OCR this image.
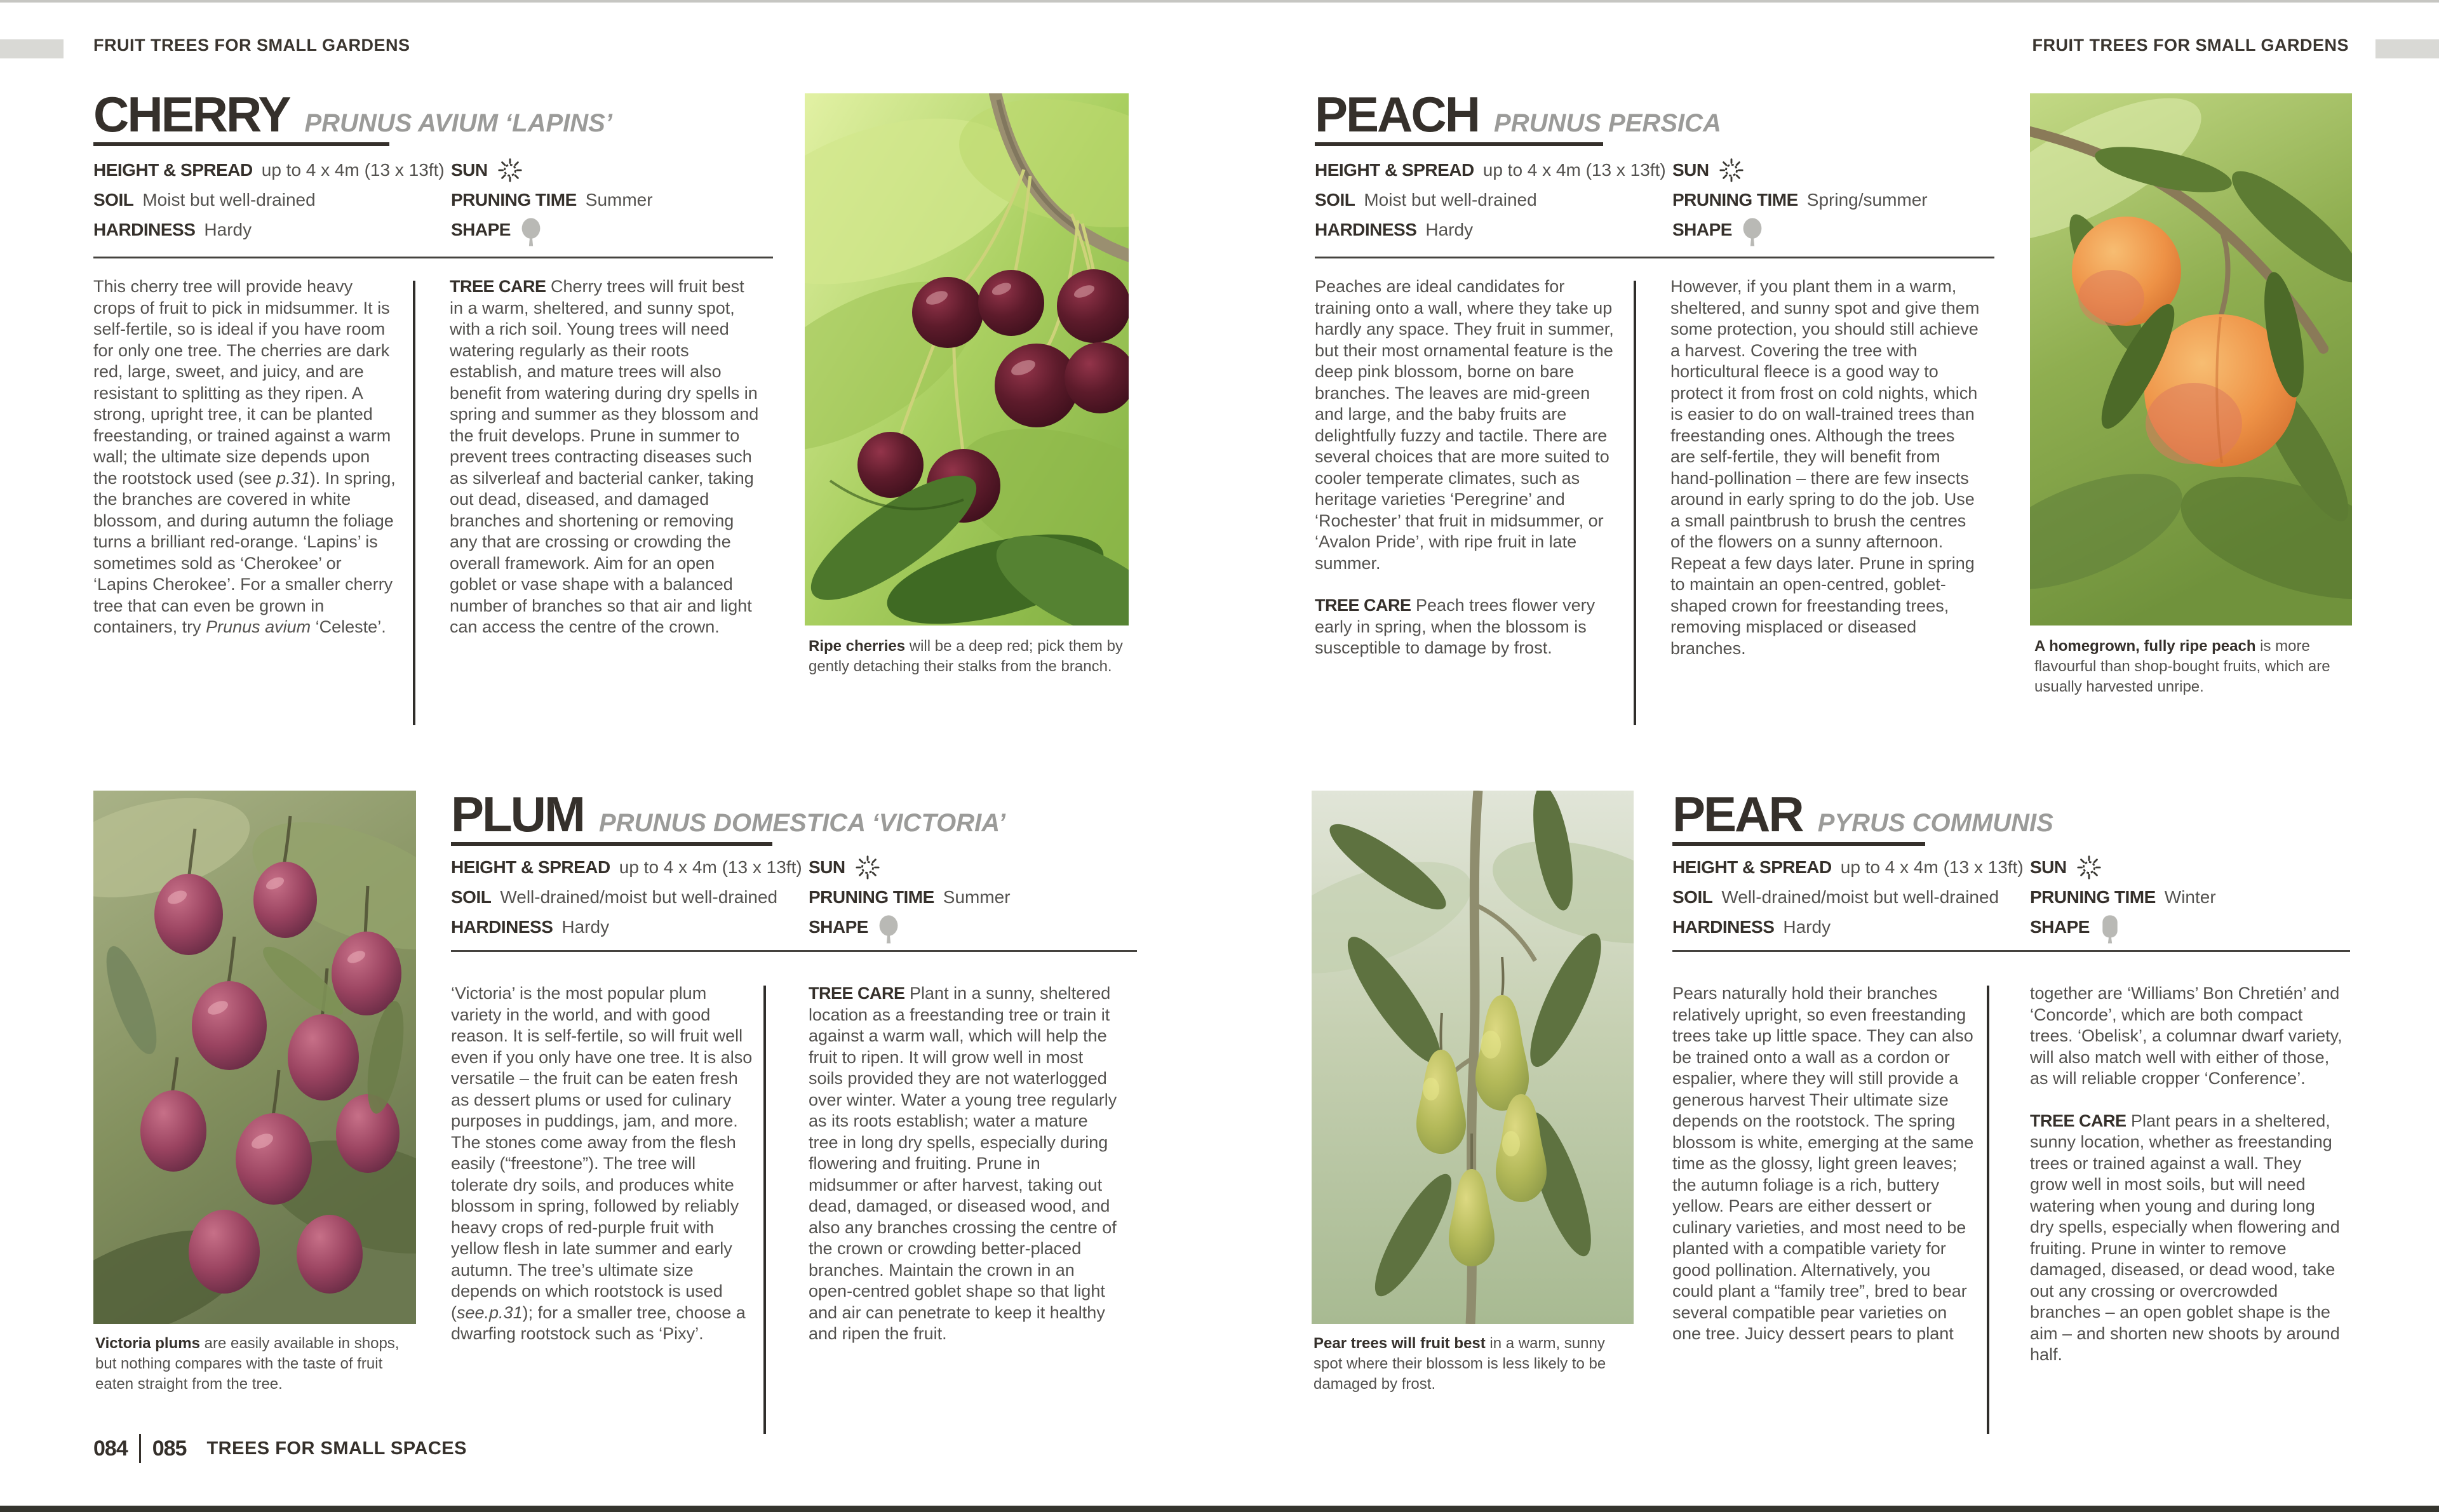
FRUIT TREES FOR SMALL GARDENS	FRUIT TREES FOR SMALL GARDENS
CHERRY PRUNUS AVIUM ‘LAPINS’
HEIGHT & SPREAD up to 4 x 4m (13 x 13ft)
SOIL Moist but well-drained
HARDINESS Hardy
SUN
PRUNING TIME Summer
SHAPE
This cherry tree will provide heavy crops of fruit to pick in midsummer. It is self-fertile, so is ideal if you have room for only one tree. The cherries are dark red, large, sweet, and juicy, and are resistant to splitting as they ripen. A strong, upright tree, it can be planted freestanding, or trained against a warm wall; the ultimate size depends upon the rootstock used (see p.31). In spring, the branches are covered in white blossom, and during autumn the foliage turns a brilliant red-orange. ‘Lapins’ is sometimes sold as ‘Cherokee’ or ‘Lapins Cherokee’. For a smaller cherry tree that can even be grown in containers, try Prunus avium ‘Celeste’.

TREE CARE Cherry trees will fruit best in a warm, sheltered, and sunny spot, with a rich soil. Young trees will need watering regularly as their roots establish, and mature trees will also benefit from watering during dry spells in spring and summer as they blossom and the fruit develops. Prune in summer to prevent trees contracting diseases such as silverleaf and bacterial canker, taking out dead, diseased, and damaged branches and shortening or removing any that are crossing or crowding the overall framework. Aim for an open goblet or vase shape with a balanced number of branches so that air and light can access the centre of the crown.

Ripe cherries will be a deep red; pick them by gently detaching their stalks from the branch.
PEACH PRUNUS PERSICA
HEIGHT & SPREAD up to 4 x 4m (13 x 13ft)
SOIL Moist but well-drained
HARDINESS Hardy
SUN
PRUNING TIME Spring/summer
SHAPE

Peaches are ideal candidates for training onto a wall, where they take up hardly any space. They fruit in summer, but their most ornamental feature is the deep pink blossom, borne on bare branches. The leaves are mid-green and large, and the baby fruits are delightfully fuzzy and tactile. There are several choices that are more suited to cooler temperate climates, such as heritage varieties ‘Peregrine’ and ‘Rochester’ that fruit in midsummer, or ‘Avalon Pride’, with ripe fruit in late summer.

TREE CARE Peach trees flower very early in spring, when the blossom is susceptible to damage by frost.

However, if you plant them in a warm, sheltered, and sunny spot and give them some protection, you should still achieve a harvest. Covering the tree with horticultural fleece is a good way to protect it from frost on cold nights, which is easier to do on wall-trained trees than freestanding ones. Although the trees are self-fertile, they will benefit from hand-pollination – there are few insects around in early spring to do the job. Use a small paintbrush to brush the centres of the flowers on a sunny afternoon. Repeat a few days later. Prune in spring to maintain an open-centred, goblet-shaped crown for freestanding trees, removing misplaced or diseased branches.	A homegrown, fully ripe peach is more flavourful than shop-bought fruits, which are usually harvested unripe.
Victoria plums are easily available in shops, but nothing compares with the taste of fruit eaten straight from the tree.
PLUM PRUNUS DOMESTICA ‘VICTORIA’
HEIGHT & SPREAD up to 4 x 4m (13 x 13ft)
SOIL Well-drained/moist but well-drained
HARDINESS Hardy
SUN
PRUNING TIME Summer
SHAPE
‘Victoria’ is the most popular plum variety in the world, and with good reason. It is self-fertile, so will fruit well even if you only have one tree. It is also versatile – the fruit can be eaten fresh as dessert plums or used for culinary purposes in puddings, jam, and more. The stones come away from the flesh easily (“freestone”). The tree will tolerate dry soils, and produces white blossom in spring, followed by reliably heavy crops of red-purple fruit with yellow flesh in late summer and early autumn. The tree’s ultimate size depends on which rootstock is used (see.p.31); for a smaller tree, choose a dwarfing rootstock such as ‘Pixy’.

TREE CARE Plant in a sunny, sheltered location as a freestanding tree or train it against a warm wall, which will help the fruit to ripen. It will grow well in most soils provided they are not waterlogged over winter. Water a young tree regularly as its roots establish; water a mature tree in long dry spells, especially during flowering and fruiting. Prune in midsummer or after harvest, taking out dead, damaged, or diseased wood, and also any branches crossing the centre of the crown or crowding better-placed branches. Maintain the crown in an open-centred goblet shape so that light and air can penetrate to keep it healthy and ripen the fruit.

Pear trees will fruit best in a warm, sunny spot where their blossom is less likely to be damaged by frost.
PEAR PYRUS COMMUNIS
HEIGHT & SPREAD up to 4 x 4m (13 x 13ft)
SOIL Well-drained/moist but well-drained
HARDINESS Hardy
SUN
PRUNING TIME Winter
SHAPE
Pears naturally hold their branches relatively upright, so even freestanding trees take up little space. They can also be trained onto a wall as a cordon or espalier, where they will still provide a generous harvest Their ultimate size depends on the rootstock. The spring blossom is white, emerging at the same time as the glossy, light green leaves; the autumn foliage is a rich, buttery yellow. Pears are either dessert or culinary varieties, and most need to be planted with a compatible variety for good pollination. Alternatively, you could plant a “family tree”, bred to bear several compatible pear varieties on one tree. Juicy dessert pears to plant

together are ‘Williams’ Bon Chretién’ and ‘Concorde’, which are both compact trees. ‘Obelisk’, a columnar dwarf variety, will also match well with either of those, as will reliable cropper ‘Conference’.

TREE CARE Plant pears in a sheltered, sunny location, whether as freestanding trees or trained against a wall. They grow well in most soils, but will need watering when young and during long dry spells, especially when flowering and fruiting. Prune in winter to remove damaged, diseased, or dead wood, take out any crossing or overcrowded branches – an open goblet shape is the aim – and shorten new shoots by around half.

084 085 TREES FOR SMALL SPACES
